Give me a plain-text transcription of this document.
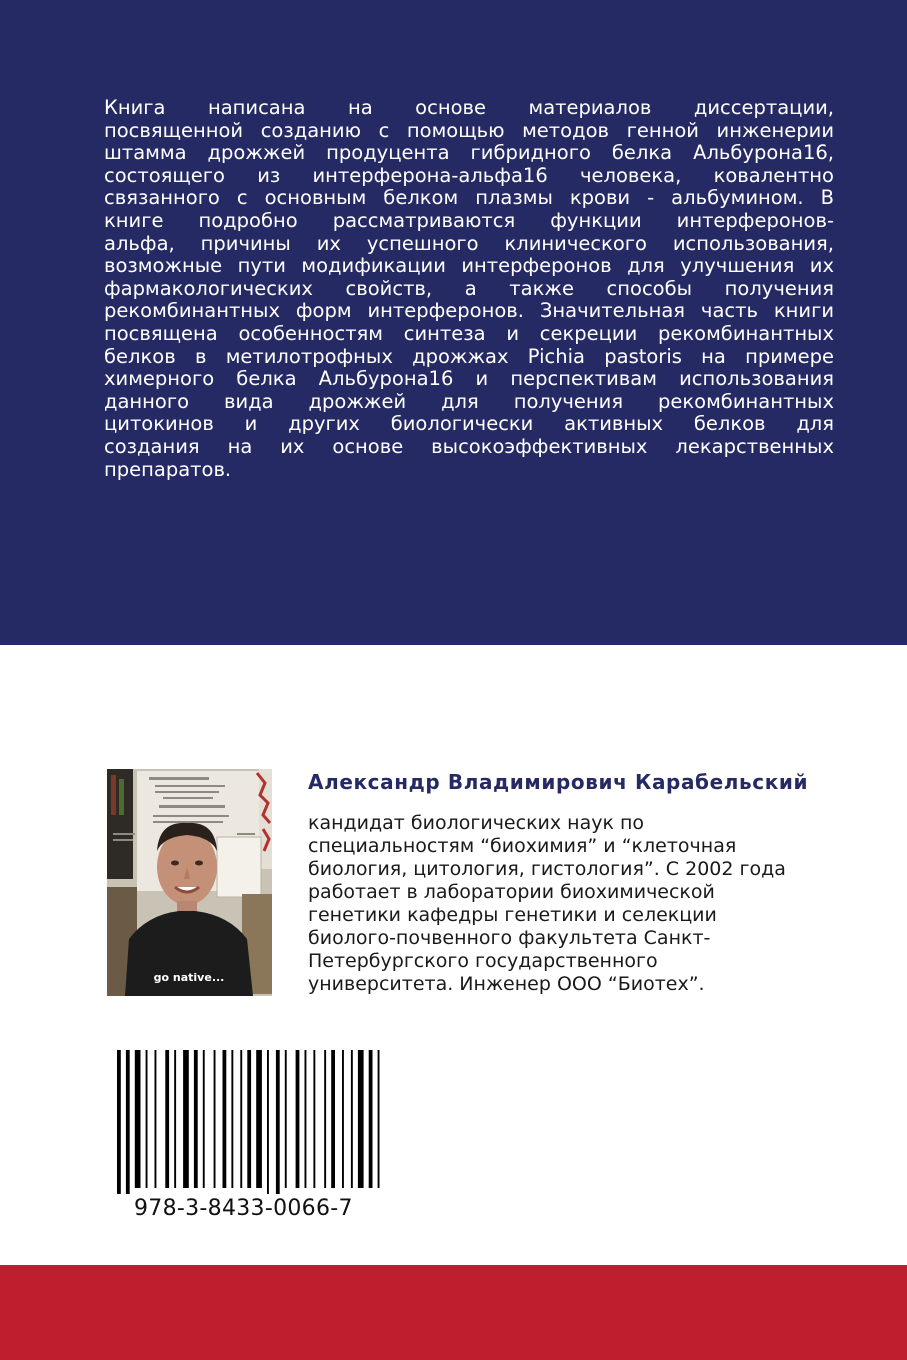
Книга написана на основе материалов диссертации,
посвященной созданию с помощью методов генной инженерии
штамма дрожжей продуцента гибридного белка Альбурона16,
состоящего из интерферона-альфа16 человека, ковалентно
связанного с основным белком плазмы крови - альбумином. В
книге подробно рассматриваются функции интерферонов-
альфа, причины их успешного клинического использования,
возможные пути модификации интерферонов для улучшения их
фармакологических свойств, а также способы получения
рекомбинантных форм интерферонов. Значительная часть книги
посвящена особенностям синтеза и секреции рекомбинантных
белков в метилотрофных дрожжах Pichia pastoris на примере
химерного белка Альбурона16 и перспективам использования
данного вида дрожжей для получения рекомбинантных
цитокинов и других биологически активных белков для
создания на их основе высокоэффективных лекарственных
препаратов.
go native...

Александр Владимирович Карабельский

кандидат биологических наук по
специальностям “биохимия” и “клеточная
биология, цитология, гистология”. С 2002 года
работает в лаборатории биохимической
генетики кафедры генетики и селекции
биолого-почвенного факультета Санкт-
Петербургского государственного
университета. Инженер ООО “Биотех”.

978-3-8433-0066-7
